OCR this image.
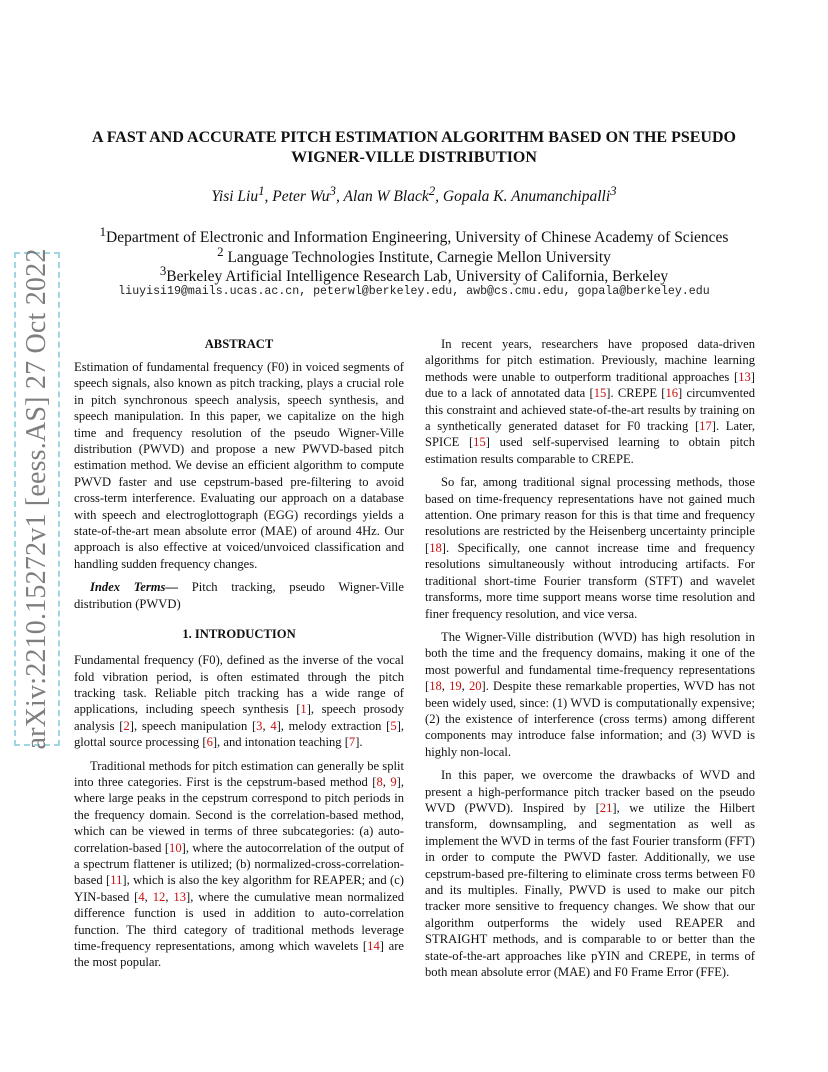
arXiv:2210.15272v1 [eess.AS] 27 Oct 2022
A FAST AND ACCURATE PITCH ESTIMATION ALGORITHM BASED ON THE PSEUDO
WIGNER-VILLE DISTRIBUTION

Yisi Liu$^1$, Peter Wu$^3$, Alan W Black$^2$, Gopala K. Anumanchipalli$^3$

$^1$Department of Electronic and Information Engineering, University of Chinese Academy of Sciences

$^2$ Language Technologies Institute, Carnegie Mellon University

$^3$Berkeley Artificial Intelligence Research Lab, University of California, Berkeley

liuyisi19@mails.ucas.ac.cn, peterwl@berkeley.edu, awb@cs.cmu.edu, gopala@berkeley.edu

ABSTRACT

Estimation of fundamental frequency (F0) in voiced segments of speech signals, also known as pitch tracking, plays a crucial role in pitch synchronous speech analysis, speech synthesis, and speech manipulation. In this paper, we capitalize on the high time and frequency resolution of the pseudo Wigner-Ville distribution (PWVD) and propose a new PWVD-based pitch estimation method. We devise an efficient algorithm to compute PWVD faster and use cepstrum-based pre-filtering to avoid cross-term interference. Evaluating our approach on a database with speech and electroglottograph (EGG) recordings yields a state-of-the-art mean absolute error (MAE) of around 4Hz. Our approach is also effective at voiced/unvoiced classification and handling sudden frequency changes.

Index Terms— Pitch tracking, pseudo Wigner-Ville distribution (PWVD)

1. INTRODUCTION

Fundamental frequency (F0), defined as the inverse of the vocal fold vibration period, is often estimated through the pitch tracking task. Reliable pitch tracking has a wide range of applications, including speech synthesis [1], speech prosody analysis [2], speech manipulation [3, 4], melody extraction [5], glottal source processing [6], and intonation teaching [7].

Traditional methods for pitch estimation can generally be split into three categories. First is the cepstrum-based method [8, 9], where large peaks in the cepstrum correspond to pitch periods in the frequency domain. Second is the correlation-based method, which can be viewed in terms of three subcategories: (a) auto-correlation-based [10], where the autocorrelation of the output of a spectrum flattener is utilized; (b) normalized-cross-correlation-based [11], which is also the key algorithm for REAPER; and (c) YIN-based [4, 12, 13], where the cumulative mean normalized difference function is used in addition to auto-correlation function. The third category of traditional methods leverage time-frequency representations, among which wavelets [14] are the most popular.

In recent years, researchers have proposed data-driven algorithms for pitch estimation. Previously, machine learning methods were unable to outperform traditional approaches [13] due to a lack of annotated data [15]. CREPE [16] circumvented this constraint and achieved state-of-the-art results by training on a synthetically generated dataset for F0 tracking [17]. Later, SPICE [15] used self-supervised learning to obtain pitch estimation results comparable to CREPE.

So far, among traditional signal processing methods, those based on time-frequency representations have not gained much attention. One primary reason for this is that time and frequency resolutions are restricted by the Heisenberg uncertainty principle [18]. Specifically, one cannot increase time and frequency resolutions simultaneously without introducing artifacts. For traditional short-time Fourier transform (STFT) and wavelet transforms, more time support means worse time resolution and finer frequency resolution, and vice versa.

The Wigner-Ville distribution (WVD) has high resolution in both the time and the frequency domains, making it one of the most powerful and fundamental time-frequency representations [18, 19, 20]. Despite these remarkable properties, WVD has not been widely used, since: (1) WVD is computationally expensive; (2) the existence of interference (cross terms) among different components may introduce false information; and (3) WVD is highly non-local.

In this paper, we overcome the drawbacks of WVD and present a high-performance pitch tracker based on the pseudo WVD (PWVD). Inspired by [21], we utilize the Hilbert transform, downsampling, and segmentation as well as implement the WVD in terms of the fast Fourier transform (FFT) in order to compute the PWVD faster. Additionally, we use cepstrum-based pre-filtering to eliminate cross terms between F0 and its multiples. Finally, PWVD is used to make our pitch tracker more sensitive to frequency changes. We show that our algorithm outperforms the widely used REAPER and STRAIGHT methods, and is comparable to or better than the state-of-the-art approaches like pYIN and CREPE, in terms of both mean absolute error (MAE) and F0 Frame Error (FFE).
